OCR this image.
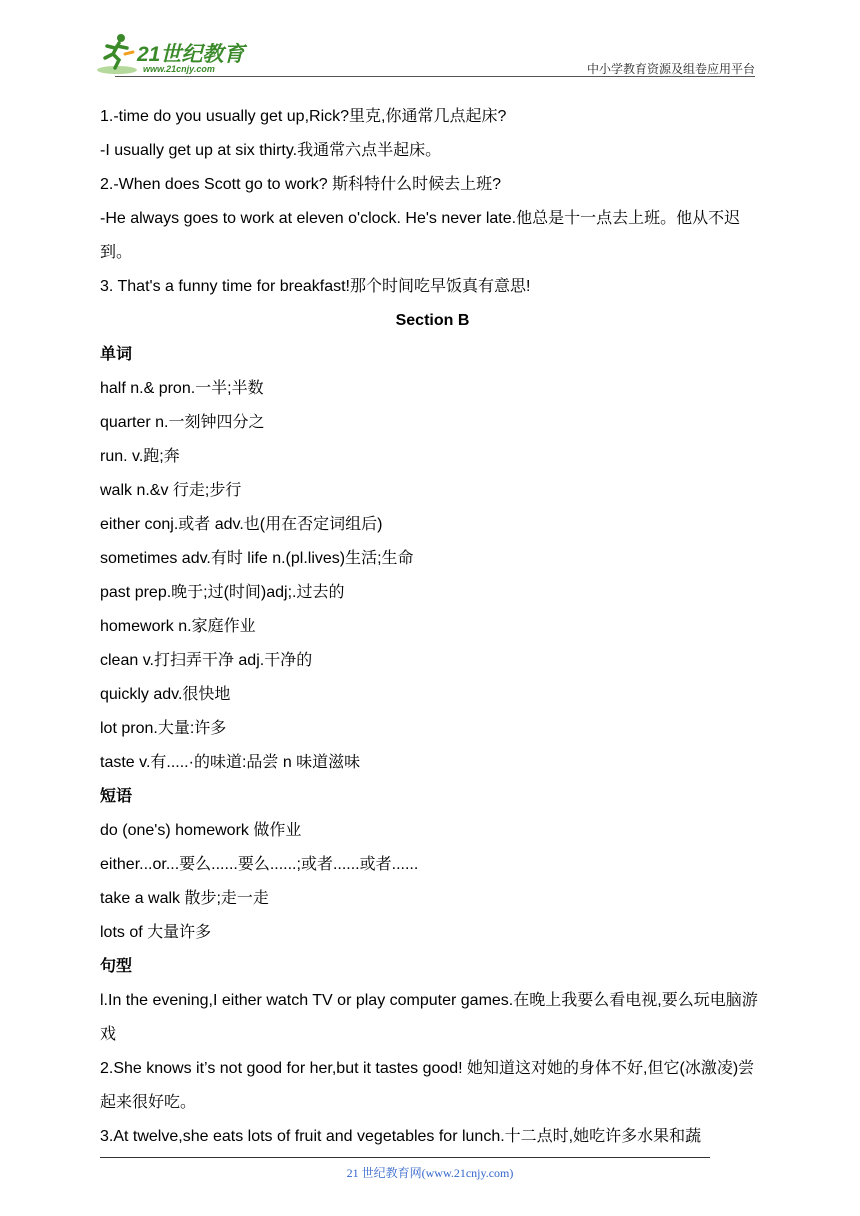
21世纪教育
www.21cnjy.com	中小学教育资源及组卷应用平台
1.-time do you usually get up,Rick?里克,你通常几点起床?
-I usually get up at six thirty.我通常六点半起床。
2.-When does Scott go to work? 斯科特什么时候去上班?
-He always goes to work at eleven o'clock. He's never late.他总是十一点去上班。他从不迟到。
3. That's a funny time for breakfast!那个时间吃早饭真有意思!
Section B
单词
half n.& pron.一半;半数
quarter n.一刻钟四分之
run. v.跑;奔
walk n.&v 行走;步行
either conj.或者 adv.也(用在否定词组后)
sometimes adv.有时 life n.(pl.lives)生活;生命
past prep.晚于;过(时间)adj;.过去的
homework n.家庭作业
clean v.打扫弄干净 adj.干净的
quickly adv.很快地
lot pron.大量:许多
taste v.有.....·的味道:品尝 n 味道滋味
短语
do (one's) homework 做作业
either...or...要么......要么......;或者......或者......
take a walk 散步;走一走
lots of 大量许多
句型
l.In the evening,I either watch TV or play computer games.在晚上我要么看电视,要么玩电脑游戏
2.She knows it’s not good for her,but it tastes good! 她知道这对她的身体不好,但它(冰激凌)尝起来很好吃。
3.At twelve,she eats lots of fruit and vegetables for lunch.十二点时,她吃许多水果和蔬
21 世纪教育网(www.21cnjy.com)
